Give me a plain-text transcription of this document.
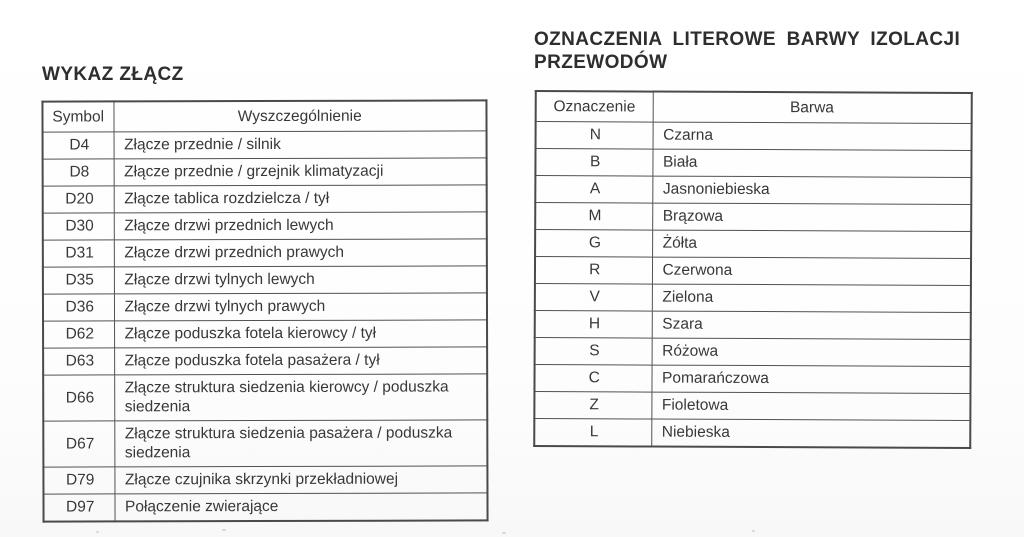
WYKAZ ZŁĄCZ
Symbol	Wyszczególnienie
D4	Złącze przednie / silnik
D8	Złącze przednie / grzejnik klimatyzacji
D20	Złącze tablica rozdzielcza / tył
D30	Złącze drzwi przednich lewych
D31	Złącze drzwi przednich prawych
D35	Złącze drzwi tylnych lewych
D36	Złącze drzwi tylnych prawych
D62	Złącze poduszka fotela kierowcy / tył
D63	Złącze poduszka fotela pasażera / tył
D66	Złącze struktura siedzenia kierowcy / poduszka siedzenia
D67	Złącze struktura siedzenia pasażera / poduszka siedzenia
D79	Złącze czujnika skrzynki przekładniowej
D97	Połączenie zwierające
OZNACZENIA LITEROWE BARWY IZOLACJI PRZEWODÓW
Oznaczenie	Barwa
N	Czarna
B	Biała
A	Jasnoniebieska
M	Brązowa
G	Żółta
R	Czerwona
V	Zielona
H	Szara
S	Różowa
C	Pomarańczowa
Z	Fioletowa
L	Niebieska
